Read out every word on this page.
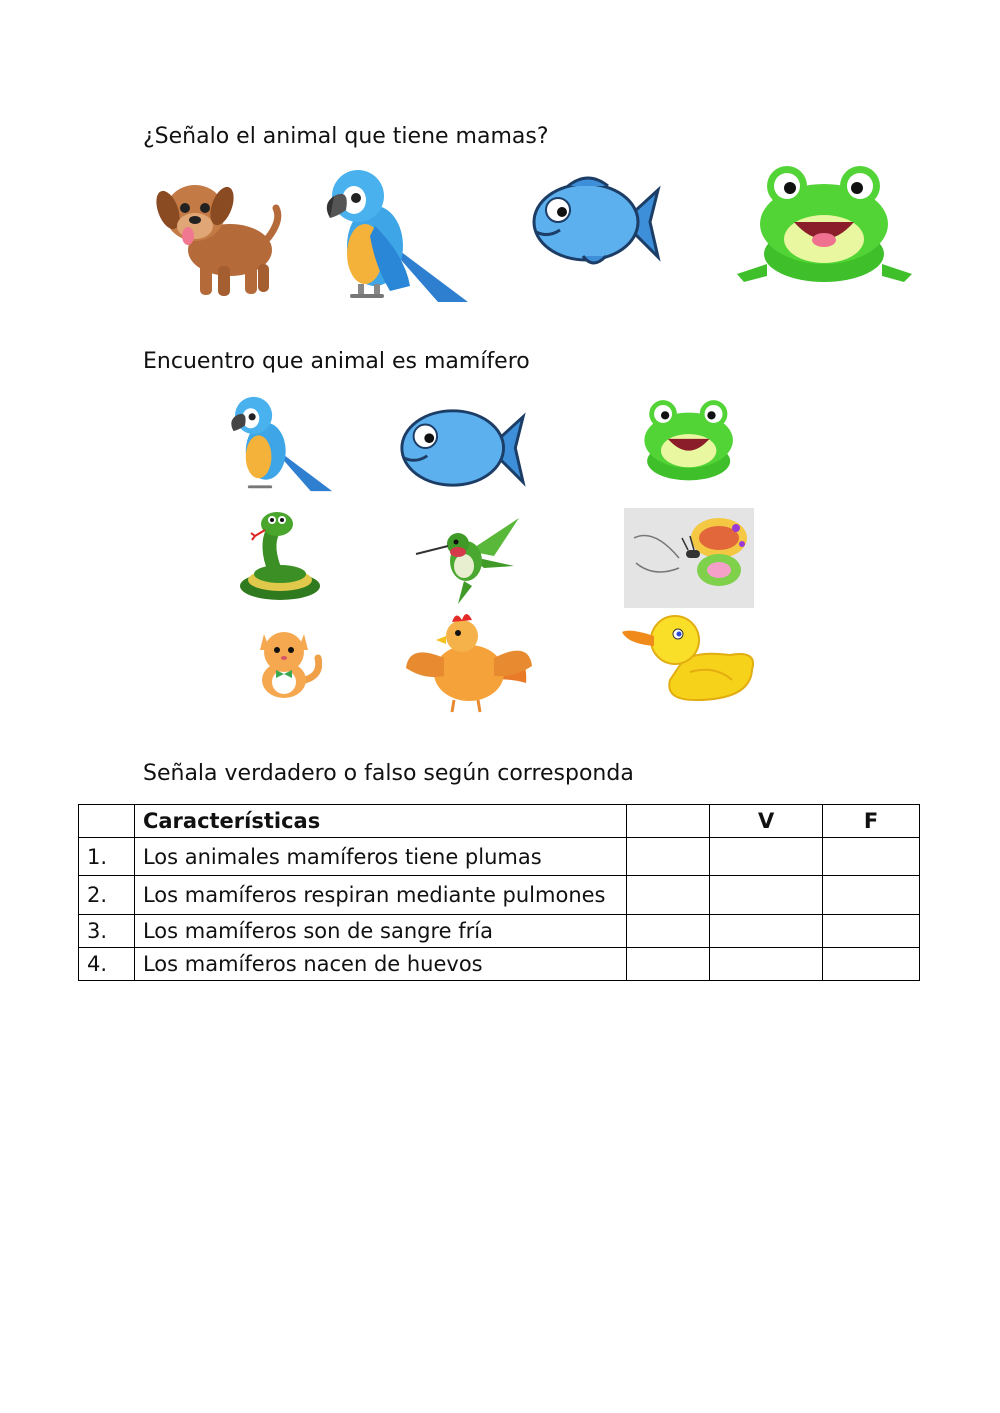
¿Señalo el animal que tiene mamas?
Encuentro que animal es mamífero
Señala verdadero o falso según corresponda
	Características		V	F
1.	Los animales mamíferos tiene plumas			
2.	Los mamíferos respiran mediante pulmones			
3.	Los mamíferos son de sangre fría			
4.	Los mamíferos nacen de huevos			
